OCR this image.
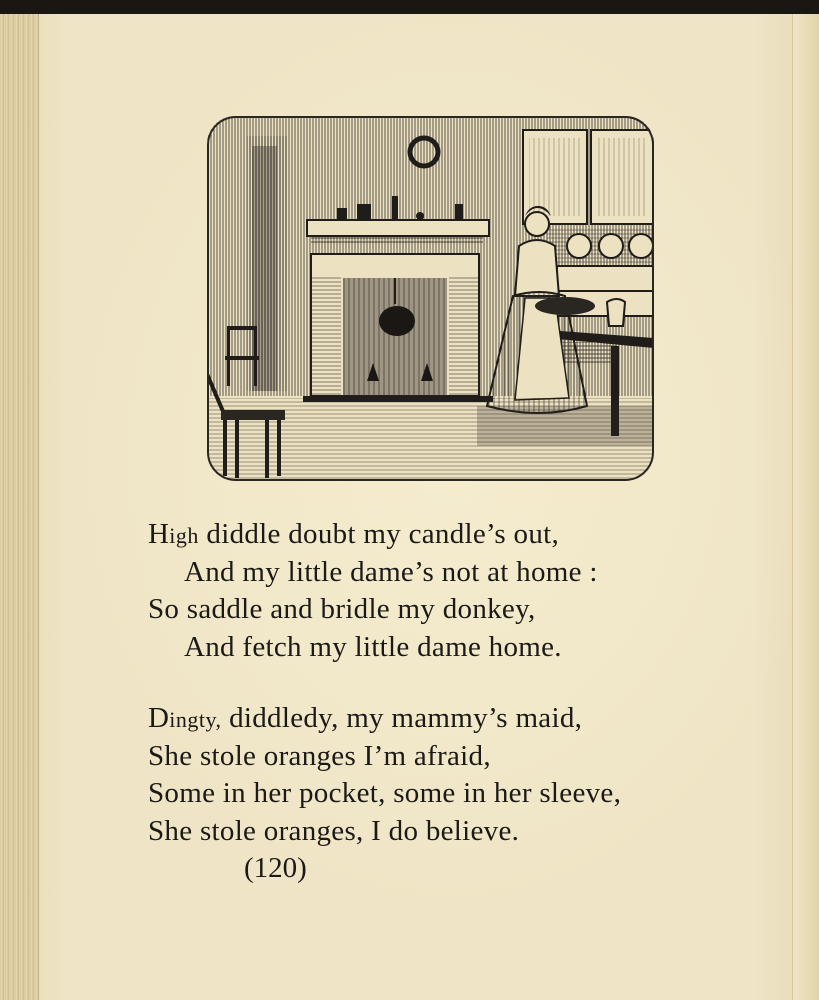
High diddle doubt my candle’s out,
And my little dame’s not at home :
So saddle and bridle my donkey,
And fetch my little dame home.
Dingty, diddledy, my mammy’s maid,
She stole oranges I’m afraid,
Some in her pocket, some in her sleeve,
She stole oranges, I do believe.
(120)
